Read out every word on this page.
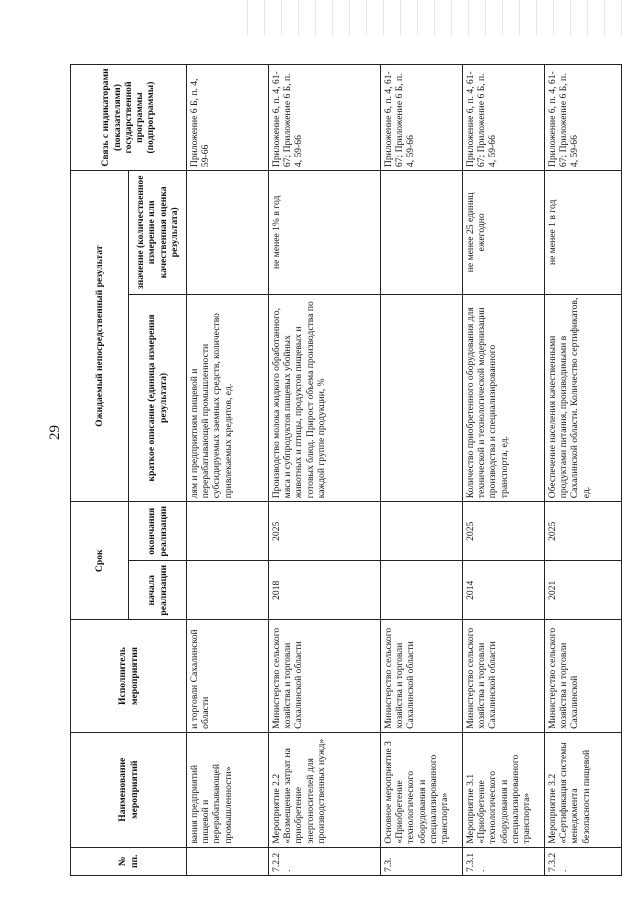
29
№ пп.	Наименование мероприятий	Исполнитель мероприятия	Срок		Ожидаемый непосредственный результат		Связь с индикаторами (показателями) государственной программы (подпрограммы)
			начала реализации	окончания реализации	краткое описание (единица измерения результата)	значение (количественное измерение или качественная оценка результата)	
	вания предприятий пищевой и перерабатывающей промышленности»	и торговли Сахалинской области			лям и предприятиям пищевой и перерабатывающей промышленности субсидируемых заемных средств, количество привлекаемых кредитов, ед.		Приложение 6 Б, п. 4, 59-66
7.2.2.	Мероприятие 2.2 «Возмещение затрат на приобретение энергоносителей для производственных нужд»	Министерство сельского хозяйства и торговли Сахалинской области	2018	2025	Производство молока жидкого обработанного, мяса и субпродуктов пищевых убойных животных и птицы, продуктов пищевых и готовых блюд. Прирост объема производства по каждой группе продукции, %	не менее 1% в год	Приложение 6, п. 4, 61-67; Приложение 6 Б, п. 4, 59-66
7.3.	Основное мероприятие 3 «Приобретение технологического оборудования и специализированного транспорта»	Министерство сельского хозяйства и торговли Сахалинской области					Приложение 6, п. 4, 61-67; Приложение 6 Б, п. 4, 59-66
7.3.1.	Мероприятие 3.1 «Приобретение технологического оборудования и специализированного транспорта»	Министерство сельского хозяйства и торговли Сахалинской области	2014	2025	Количество приобретенного оборудования для технической и технологической модернизации производства и специализированного транспорта, ед.	не менее 25 единиц ежегодно	Приложение 6, п. 4, 61-67; Приложение 6 Б, п. 4, 59-66
7.3.2.	Мероприятие 3.2 «Сертификация системы менеджмента безопасности пищевой	Министерство сельского хозяйства и торговли Сахалинской	2021	2025	Обеспечение населения качественными продуктами питания, производимыми в Сахалинской области. Количество сертификатов, ед.	не менее 1 в год	Приложение 6, п. 4, 61-67; Приложение 6 Б, п. 4, 59-66
